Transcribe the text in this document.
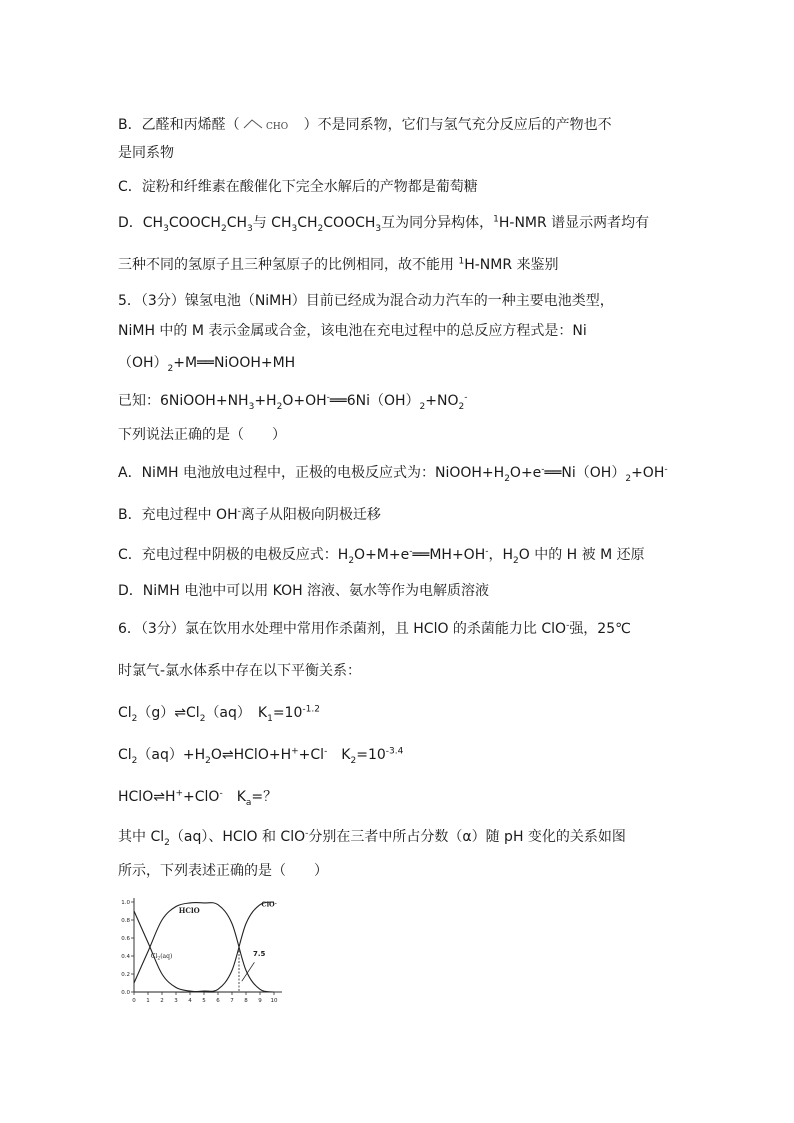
B．乙醛和丙烯醛（	CHO ）不是同系物，它们与氢气充分反应后的产物也不
是同系物
C．淀粉和纤维素在酸催化下完全水解后的产物都是葡萄糖
D．$CH_3COOCH_2CH_3$与 $CH_3CH_2COOCH_3$互为同分异构体，$^1$H-NMR 谱显示两者均有
三种不同的氢原子且三种氢原子的比例相同，故不能用 $^1$H-NMR 来鉴别
5．（3分）镍氢电池（NiMH）目前已经成为混合动力汽车的一种主要电池类型，
NiMH 中的 M 表示金属或合金，该电池在充电过程中的总反应方程式是：Ni
$(OH)_2+M══NiOOH+MH$
已知：$6NiOOH+NH_3+H_2O+OH^-══6Ni(OH)_2+NO_2^-$
下列说法正确的是（　　）
A．NiMH 电池放电过程中，正极的电极反应式为：$NiOOH+H_2O+e^-══Ni(OH)_2+OH^-$
B．充电过程中 OH-离子从阳极向阴极迁移
C．充电过程中阴极的电极反应式：$H_2O+M+e^-══MH+OH^-$，$H_2O$ 中的 H 被 M 还原
D．NiMH 电池中可以用 KOH 溶液、氨水等作为电解质溶液
6．（3分）氯在饮用水处理中常用作杀菌剂，且 HClO 的杀菌能力比 ClO-强，25℃
时氯气-氯水体系中存在以下平衡关系：
$Cl_2(g)\rightleftharpoons Cl_2(aq)$　$K_1=10^{-1.2}$
$Cl_2(aq)+H_2O\rightleftharpoons HClO+H^++Cl^-$　$K_2=10^{-3.4}$
HClO⇌H++ClO-　$K_a=$？
其中 $Cl_2(aq)$、HClO 和 ClO-分别在三者中所占分数（α）随 pH 变化的关系如图
所示，下列表述正确的是（　　）
0 1 2 3 4 5 6 7 8 9 10
0.0
0.2
0.4
0.6
0.8
1.0
HClO
ClO-
$Cl_2(aq)$	7.5
